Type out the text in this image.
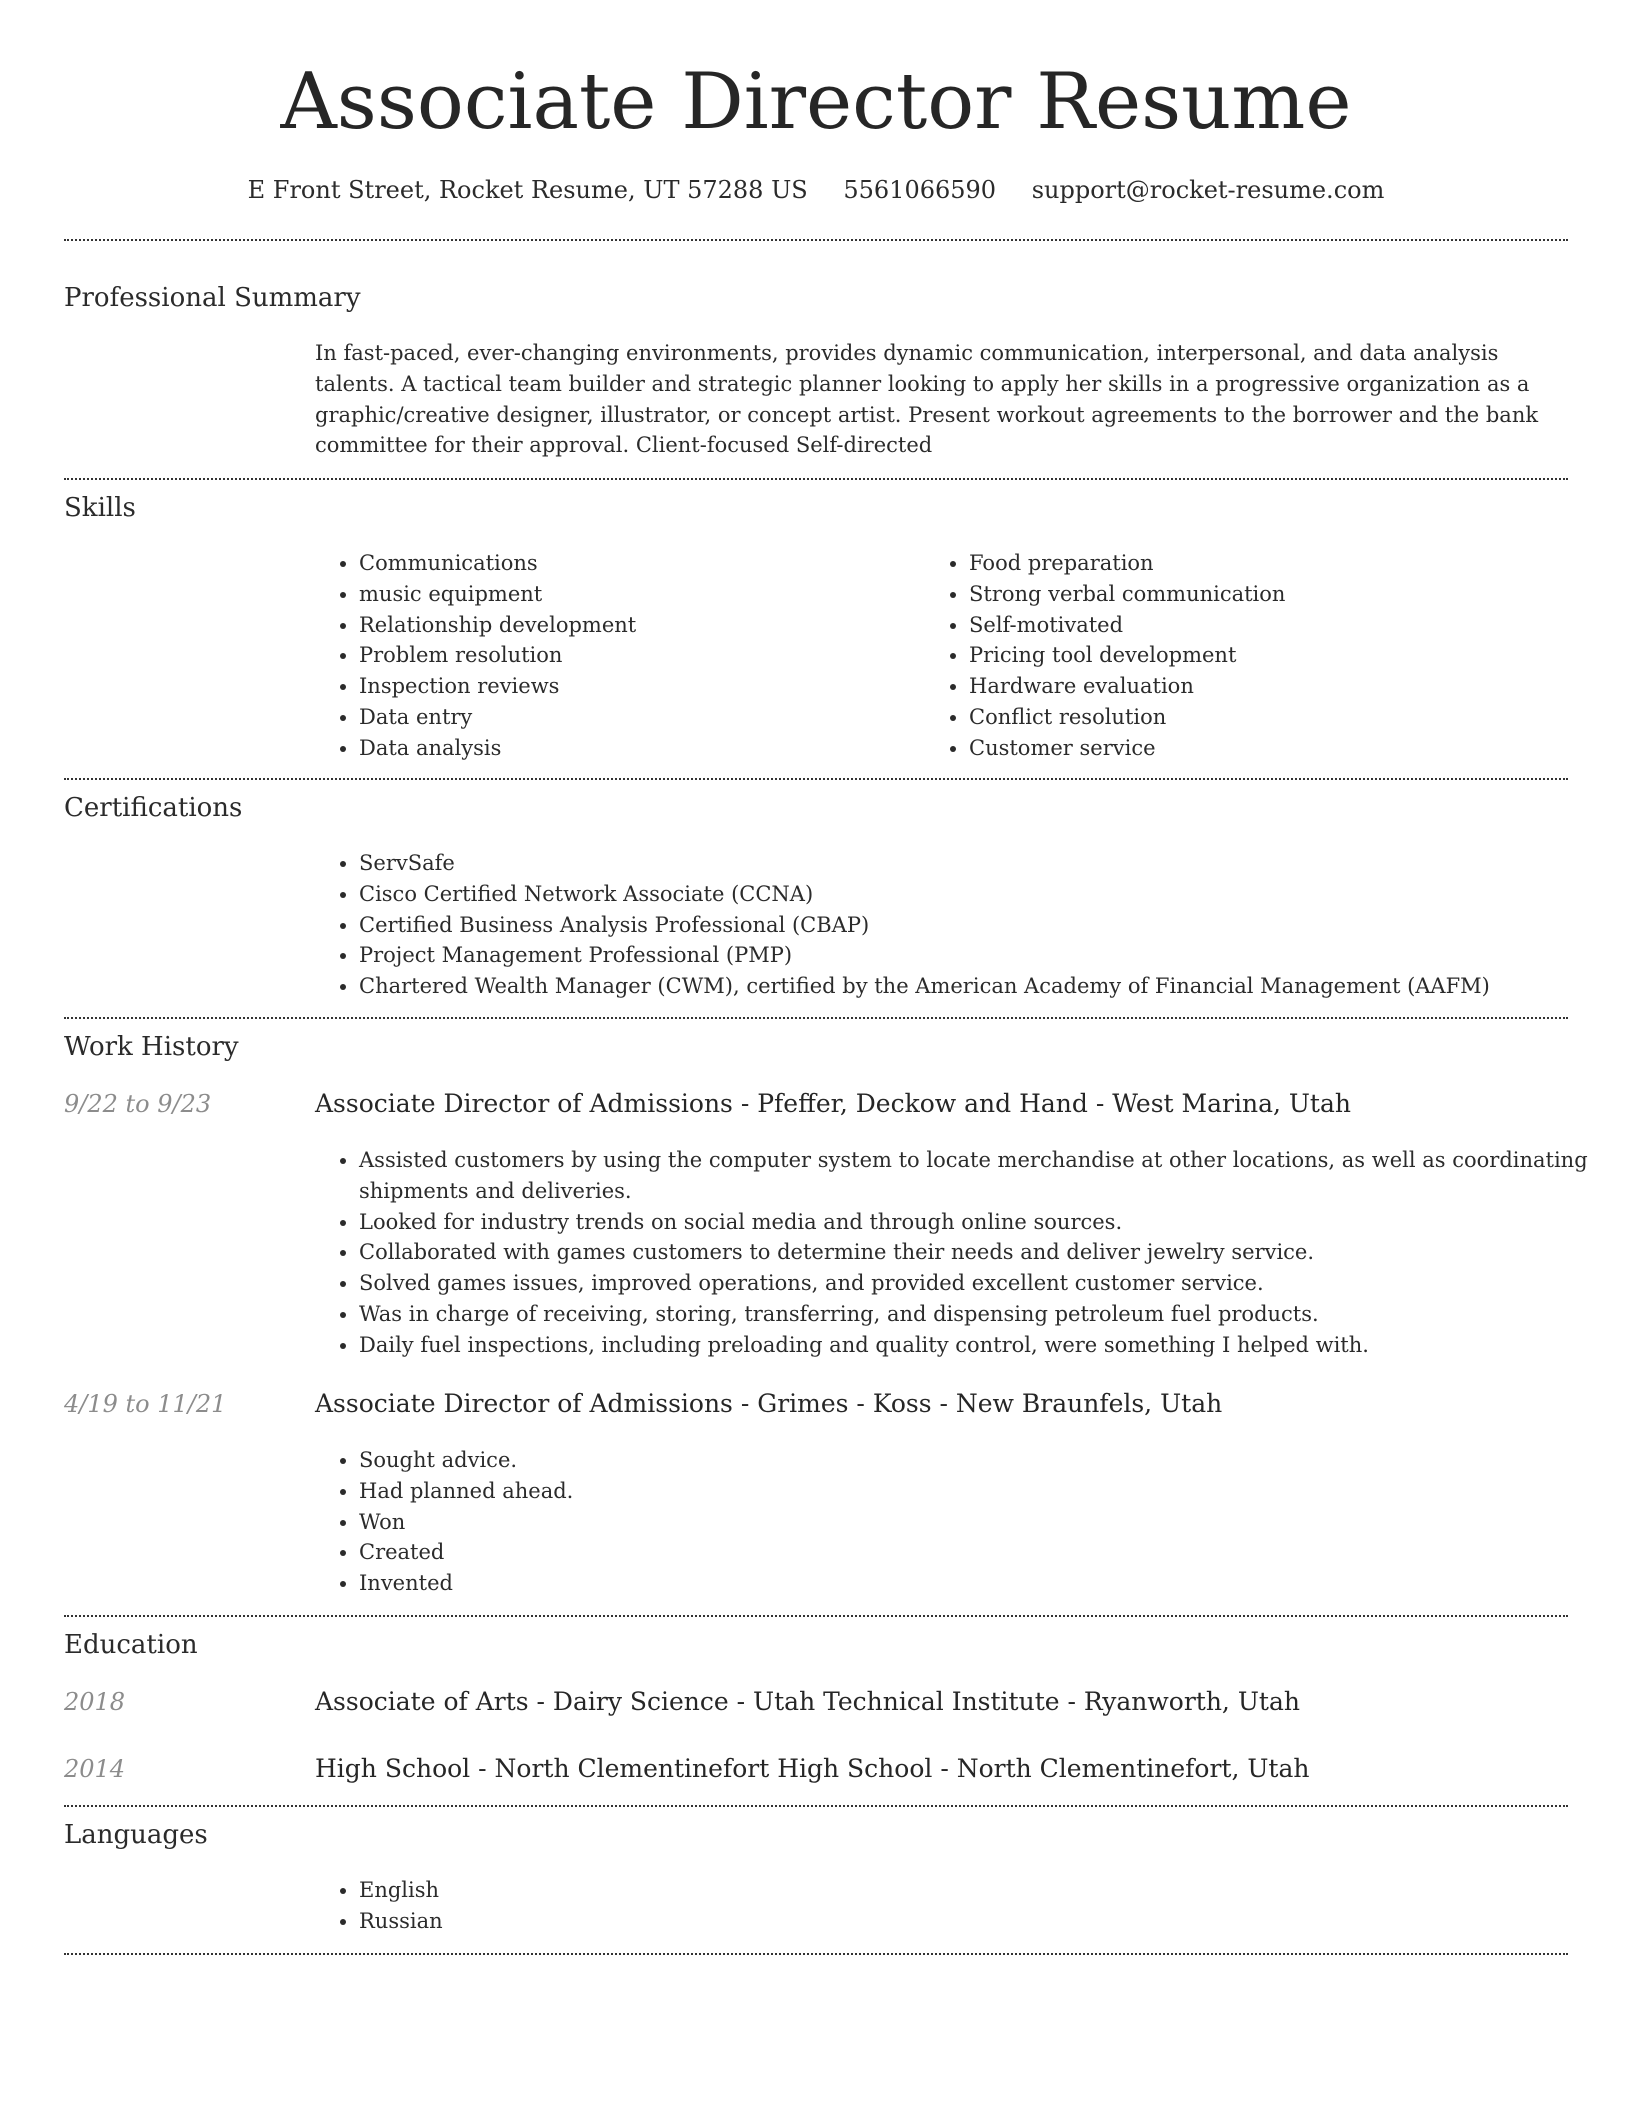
Associate Director Resume
E Front Street, Rocket Resume, UT 57288 US 5561066590 support@rocket-resume.com
Professional Summary

In fast-paced, ever-changing environments, provides dynamic communication, interpersonal, and data analysis talents. A tactical team builder and strategic planner looking to apply her skills in a progressive organization as a graphic/creative designer, illustrator, or concept artist. Present workout agreements to the borrower and the bank committee for their approval. Client-focused Self-directed

Skills
• Communications
• music equipment
• Relationship development
• Problem resolution
• Inspection reviews
• Data entry
• Data analysis
• Food preparation
• Strong verbal communication
• Self-motivated
• Pricing tool development
• Hardware evaluation
• Conflict resolution
• Customer service
Certifications
• ServSafe
• Cisco Certified Network Associate (CCNA)
• Certified Business Analysis Professional (CBAP)
• Project Management Professional (PMP)
• Chartered Wealth Manager (CWM), certified by the American Academy of Financial Management (AAFM)
Work History
9/22 to 9/23	Associate Director of Admissions - Pfeffer, Deckow and Hand - West Marina, Utah
• Assisted customers by using the computer system to locate merchandise at other locations, as well as coordinating shipments and deliveries.
• Looked for industry trends on social media and through online sources.
• Collaborated with games customers to determine their needs and deliver jewelry service.
• Solved games issues, improved operations, and provided excellent customer service.
• Was in charge of receiving, storing, transferring, and dispensing petroleum fuel products.
• Daily fuel inspections, including preloading and quality control, were something I helped with.
4/19 to 11/21	Associate Director of Admissions - Grimes - Koss - New Braunfels, Utah
• Sought advice.
• Had planned ahead.
• Won
• Created
• Invented
Education
2018	Associate of Arts - Dairy Science - Utah Technical Institute - Ryanworth, Utah
2014	High School - North Clementinefort High School - North Clementinefort, Utah
Languages
• English
• Russian
